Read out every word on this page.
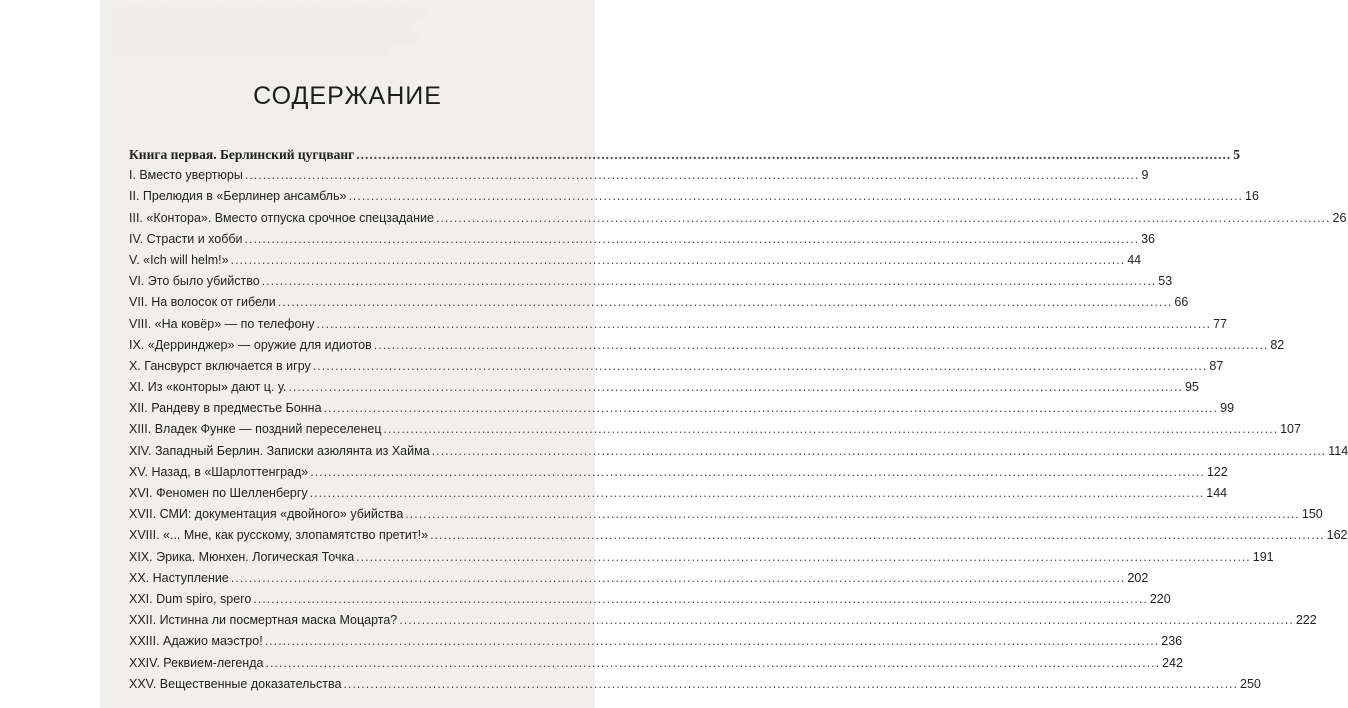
░░░░░░░░░░░░░░░░░░░░░░░░░░░░░░░░░░░░░░░░
░░░░░░░░░░░░░░░░░░░░░░░░░░░░░░░░░░░░░░
░░░░░░░░░░░░░░░░░░░░░░░░░░░░░░░░░░░░░░░
░░░░░░░░░░░░░░░░░░░░░░░░░░░░░░░░░░░
СОДЕРЖАНИЕ
Книга первая. Берлинский цугцванг ........................................................................................................................................................................................................ 5
I. Вместо увертюры ........................................................................................................................................................................................................ 9
II. Прелюдия в «Берлинер ансамбль» ........................................................................................................................................................................................................ 16
III. «Контора». Вместо отпуска срочное спецзадание ........................................................................................................................................................................................................ 26
IV. Страсти и хобби ........................................................................................................................................................................................................ 36
V. «Ich will helm!» ........................................................................................................................................................................................................ 44
VI. Это было убийство ........................................................................................................................................................................................................ 53
VII. На волосок от гибели ........................................................................................................................................................................................................ 66
VIII. «На ковёр» — по телефону ........................................................................................................................................................................................................ 77
IX. «Дерринджер» — оружие для идиотов ........................................................................................................................................................................................................ 82
X. Гансвурст включается в игру ........................................................................................................................................................................................................ 87
XI. Из «конторы» дают ц. у. ........................................................................................................................................................................................................ 95
XII. Рандеву в предместье Бонна ........................................................................................................................................................................................................ 99
XIII. Владек Функе — поздний переселенец ........................................................................................................................................................................................................ 107
XIV. Западный Берлин. Записки азюлянта из Хайма ........................................................................................................................................................................................................ 114
XV. Назад, в «Шарлоттенград» ........................................................................................................................................................................................................ 122
XVI. Феномен по Шелленбергу ........................................................................................................................................................................................................ 144
XVII. СМИ: документация «двойного» убийства ........................................................................................................................................................................................................ 150
XVIII. «... Мне, как русскому, злопамятство претит!» ........................................................................................................................................................................................................ 162
XIX. Эрика. Мюнхен. Логическая Точка ........................................................................................................................................................................................................ 191
XX. Наступление ........................................................................................................................................................................................................ 202
XXI. Dum spiro, spero ........................................................................................................................................................................................................ 220
XXII. Истинна ли посмертная маска Моцарта? ........................................................................................................................................................................................................ 222
XXIII. Адажио маэстро! ........................................................................................................................................................................................................ 236
XXIV. Реквием-легенда ........................................................................................................................................................................................................ 242
XXV. Вещественные доказательства ........................................................................................................................................................................................................ 250
